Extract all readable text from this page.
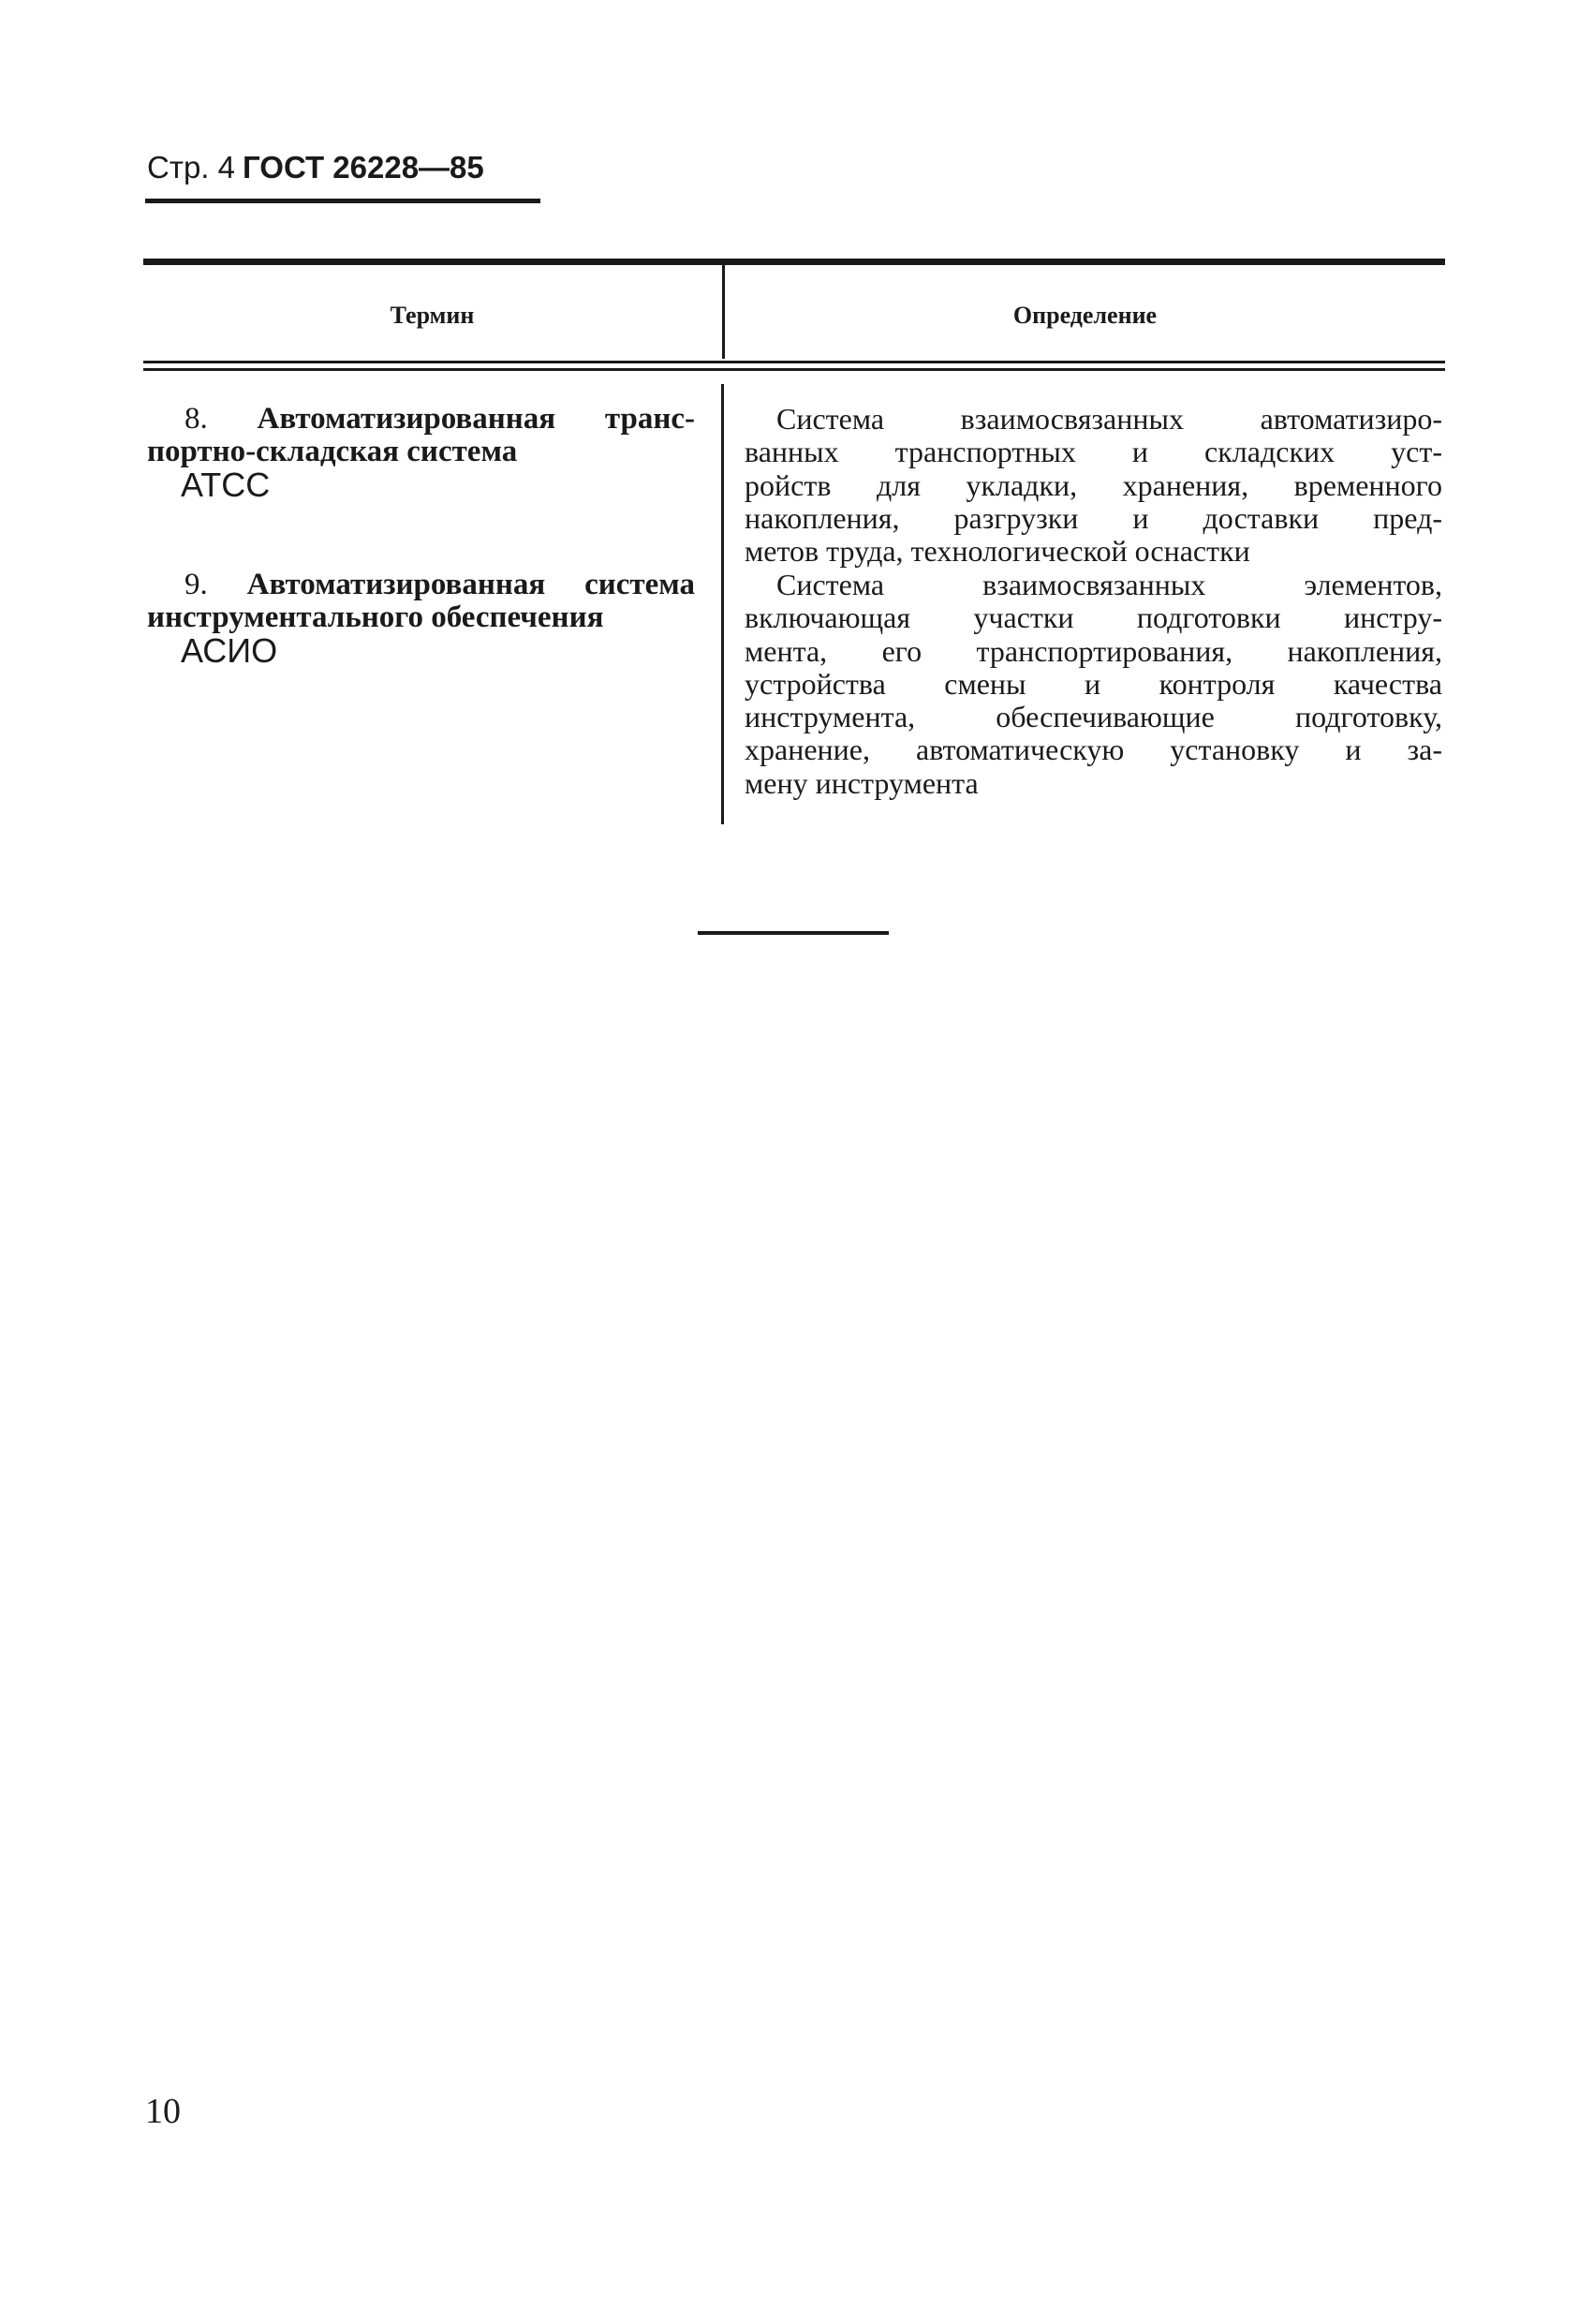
Стр. 4 ГОСТ 26228—85
Термин	Определение
8. Автоматизированная транс-
портно-складская система
АТСС
Система взаимосвязанных автоматизиро-
ванных транспортных и складских уст-
ройств для укладки, хранения, временного
накопления, разгрузки и доставки пред-
метов труда, технологической оснастки
9. Автоматизированная система
инструментального обеспечения
АСИО
Система взаимосвязанных элементов,
включающая участки подготовки инстру-
мента, его транспортирования, накопления,
устройства смены и контроля качества
инструмента, обеспечивающие подготовку,
хранение, автоматическую установку и за-
мену инструмента
10
